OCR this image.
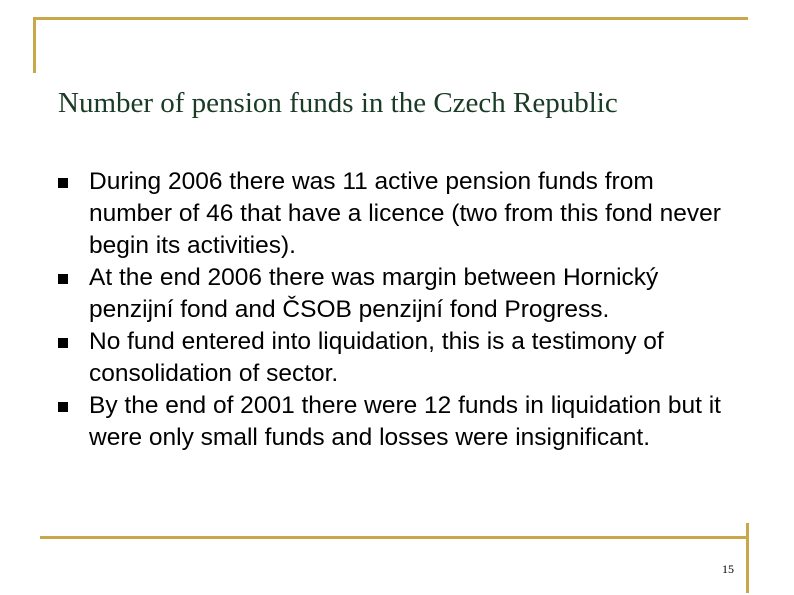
Number of pension funds in the Czech Republic
During 2006 there was 11 active pension funds from number of 46 that have a licence (two from this fond never begin its activities).
At the end 2006 there was margin between Hornický penzijní fond and ČSOB penzijní fond Progress.
No fund entered into liquidation, this is a testimony of consolidation of sector.
By the end of 2001 there were 12 funds in liquidation but it were only small funds and losses were insignificant.
15
